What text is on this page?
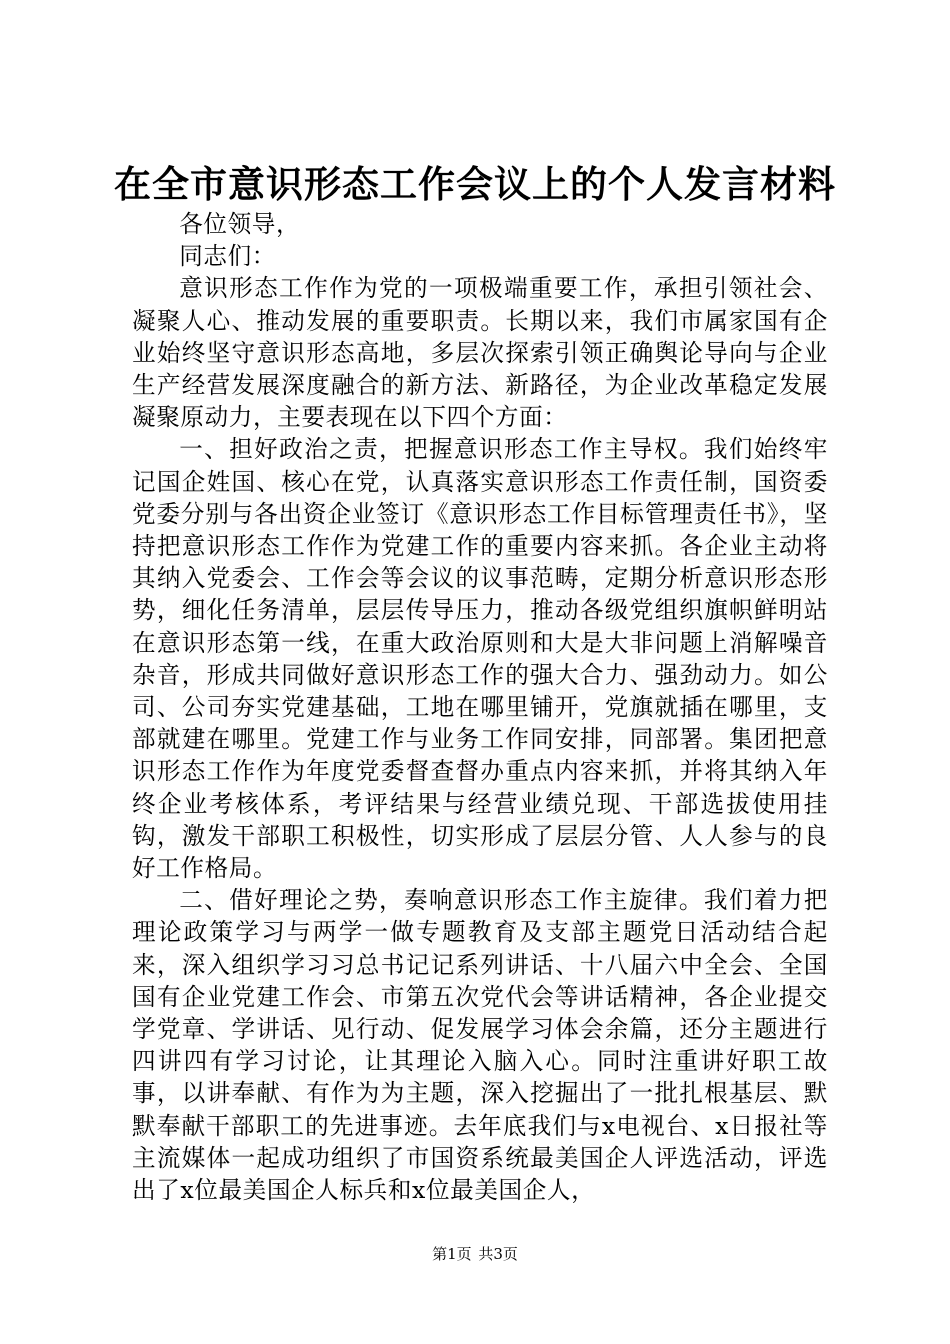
在全市意识形态工作会议上的个人发言材料

各位领导，

同志们：

意识形态工作作为党的一项极端重要工作，承担引领社会、凝聚人心、推动发展的重要职责。长期以来，我们市属家国有企业始终坚守意识形态高地，多层次探索引领正确舆论导向与企业生产经营发展深度融合的新方法、新路径，为企业改革稳定发展凝聚原动力，主要表现在以下四个方面：

一、担好政治之责，把握意识形态工作主导权。我们始终牢记国企姓国、核心在党，认真落实意识形态工作责任制，国资委党委分别与各出资企业签订《意识形态工作目标管理责任书》，坚持把意识形态工作作为党建工作的重要内容来抓。各企业主动将其纳入党委会、工作会等会议的议事范畴，定期分析意识形态形势，细化任务清单，层层传导压力，推动各级党组织旗帜鲜明站在意识形态第一线，在重大政治原则和大是大非问题上消解噪音杂音，形成共同做好意识形态工作的强大合力、强劲动力。如公司、公司夯实党建基础，工地在哪里铺开，党旗就插在哪里，支部就建在哪里。党建工作与业务工作同安排，同部署。集团把意识形态工作作为年度党委督查督办重点内容来抓，并将其纳入年终企业考核体系，考评结果与经营业绩兑现、干部选拔使用挂钩，激发干部职工积极性，切实形成了层层分管、人人参与的良好工作格局。

二、借好理论之势，奏响意识形态工作主旋律。我们着力把理论政策学习与两学一做专题教育及支部主题党日活动结合起来，深入组织学习习总书记记系列讲话、十八届六中全会、全国国有企业党建工作会、市第五次党代会等讲话精神，各企业提交学党章、学讲话、见行动、促发展学习体会余篇，还分主题进行四讲四有学习讨论，让其理论入脑入心。同时注重讲好职工故事，以讲奉献、有作为为主题，深入挖掘出了一批扎根基层、默默奉献干部职工的先进事迹。去年底我们与x电视台、x日报社等主流媒体一起成功组织了市国资系统最美国企人评选活动，评选出了x位最美国企人标兵和x位最美国企人，

第1页 共3页
